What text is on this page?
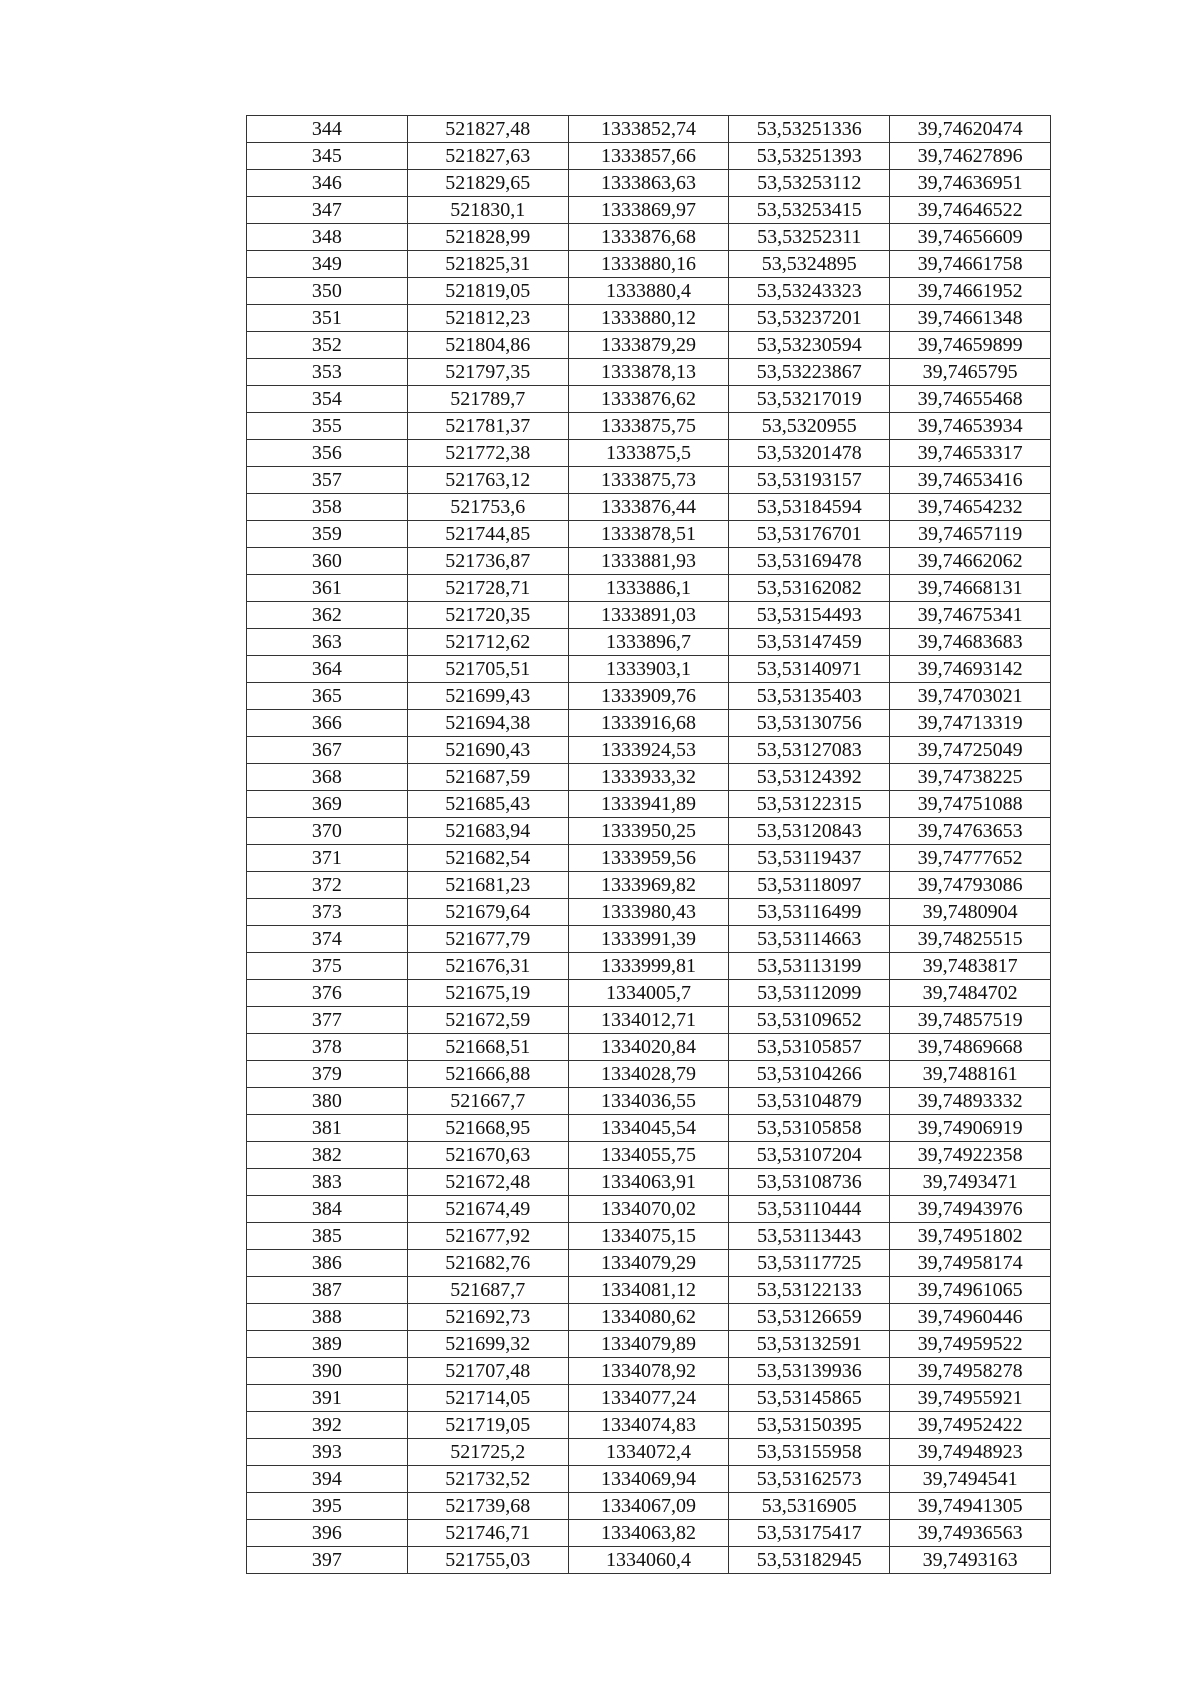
344	521827,48	1333852,74	53,53251336	39,74620474
345	521827,63	1333857,66	53,53251393	39,74627896
346	521829,65	1333863,63	53,53253112	39,74636951
347	521830,1	1333869,97	53,53253415	39,74646522
348	521828,99	1333876,68	53,53252311	39,74656609
349	521825,31	1333880,16	53,5324895	39,74661758
350	521819,05	1333880,4	53,53243323	39,74661952
351	521812,23	1333880,12	53,53237201	39,74661348
352	521804,86	1333879,29	53,53230594	39,74659899
353	521797,35	1333878,13	53,53223867	39,7465795
354	521789,7	1333876,62	53,53217019	39,74655468
355	521781,37	1333875,75	53,5320955	39,74653934
356	521772,38	1333875,5	53,53201478	39,74653317
357	521763,12	1333875,73	53,53193157	39,74653416
358	521753,6	1333876,44	53,53184594	39,74654232
359	521744,85	1333878,51	53,53176701	39,74657119
360	521736,87	1333881,93	53,53169478	39,74662062
361	521728,71	1333886,1	53,53162082	39,74668131
362	521720,35	1333891,03	53,53154493	39,74675341
363	521712,62	1333896,7	53,53147459	39,74683683
364	521705,51	1333903,1	53,53140971	39,74693142
365	521699,43	1333909,76	53,53135403	39,74703021
366	521694,38	1333916,68	53,53130756	39,74713319
367	521690,43	1333924,53	53,53127083	39,74725049
368	521687,59	1333933,32	53,53124392	39,74738225
369	521685,43	1333941,89	53,53122315	39,74751088
370	521683,94	1333950,25	53,53120843	39,74763653
371	521682,54	1333959,56	53,53119437	39,74777652
372	521681,23	1333969,82	53,53118097	39,74793086
373	521679,64	1333980,43	53,53116499	39,7480904
374	521677,79	1333991,39	53,53114663	39,74825515
375	521676,31	1333999,81	53,53113199	39,7483817
376	521675,19	1334005,7	53,53112099	39,7484702
377	521672,59	1334012,71	53,53109652	39,74857519
378	521668,51	1334020,84	53,53105857	39,74869668
379	521666,88	1334028,79	53,53104266	39,7488161
380	521667,7	1334036,55	53,53104879	39,74893332
381	521668,95	1334045,54	53,53105858	39,74906919
382	521670,63	1334055,75	53,53107204	39,74922358
383	521672,48	1334063,91	53,53108736	39,7493471
384	521674,49	1334070,02	53,53110444	39,74943976
385	521677,92	1334075,15	53,53113443	39,74951802
386	521682,76	1334079,29	53,53117725	39,74958174
387	521687,7	1334081,12	53,53122133	39,74961065
388	521692,73	1334080,62	53,53126659	39,74960446
389	521699,32	1334079,89	53,53132591	39,74959522
390	521707,48	1334078,92	53,53139936	39,74958278
391	521714,05	1334077,24	53,53145865	39,74955921
392	521719,05	1334074,83	53,53150395	39,74952422
393	521725,2	1334072,4	53,53155958	39,74948923
394	521732,52	1334069,94	53,53162573	39,7494541
395	521739,68	1334067,09	53,5316905	39,74941305
396	521746,71	1334063,82	53,53175417	39,74936563
397	521755,03	1334060,4	53,53182945	39,7493163
